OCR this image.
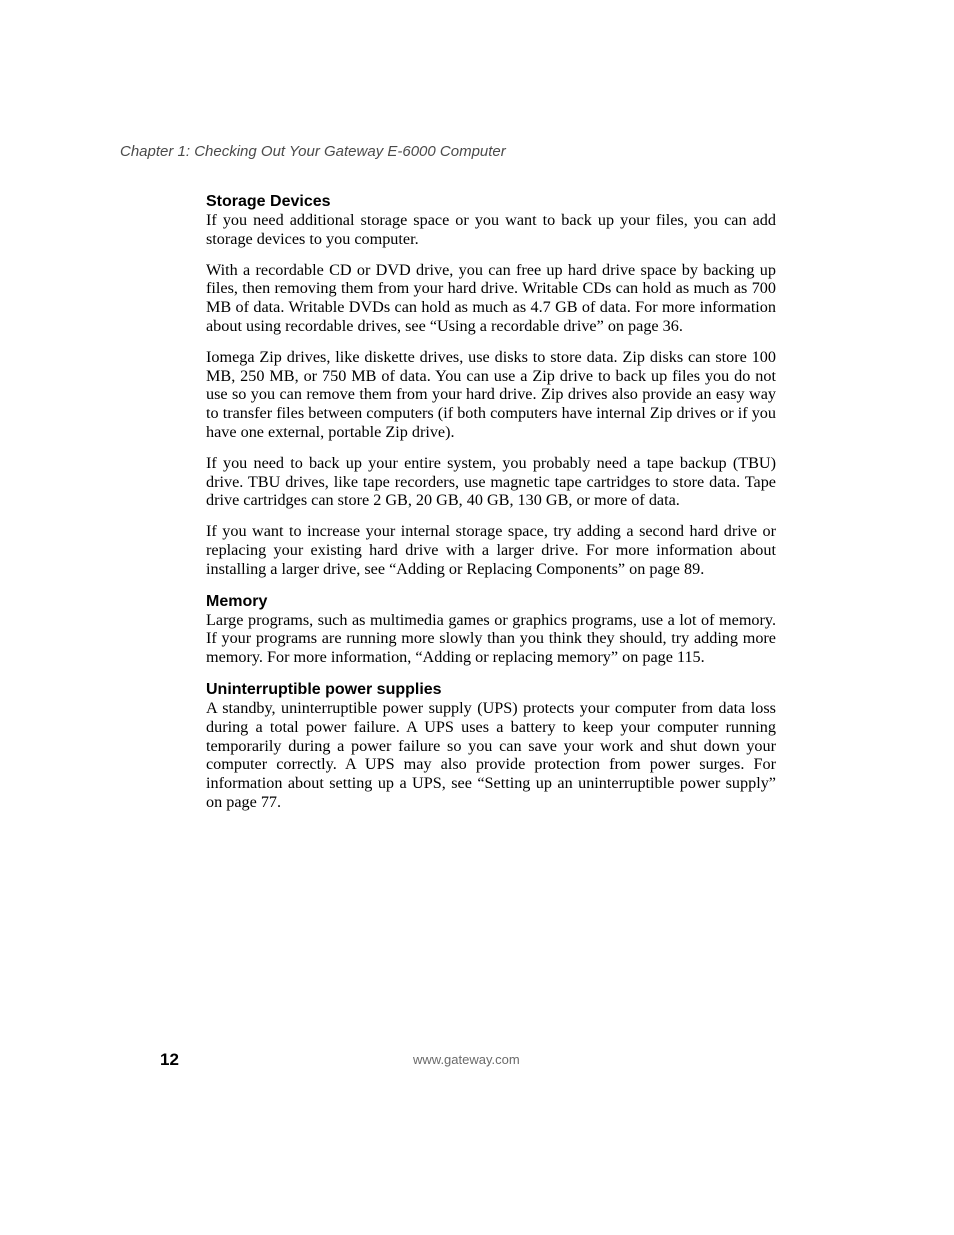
Chapter 1: Checking Out Your Gateway E-6000 Computer
Storage Devices

If you need additional storage space or you want to back up your files, you can add storage devices to you computer.

With a recordable CD or DVD drive, you can free up hard drive space by backing up files, then removing them from your hard drive. Writable CDs can hold as much as 700 MB of data. Writable DVDs can hold as much as 4.7 GB of data. For more information about using recordable drives, see “Using a recordable drive” on page 36.

Iomega Zip drives, like diskette drives, use disks to store data. Zip disks can store 100 MB, 250 MB, or 750 MB of data. You can use a Zip drive to back up files you do not use so you can remove them from your hard drive. Zip drives also provide an easy way to transfer files between computers (if both computers have internal Zip drives or if you have one external, portable Zip drive).

If you need to back up your entire system, you probably need a tape backup (TBU) drive. TBU drives, like tape recorders, use magnetic tape cartridges to store data. Tape drive cartridges can store 2 GB, 20 GB, 40 GB, 130 GB, or more of data.

If you want to increase your internal storage space, try adding a second hard drive or replacing your existing hard drive with a larger drive. For more information about installing a larger drive, see “Adding or Replacing Components” on page 89.

Memory

Large programs, such as multimedia games or graphics programs, use a lot of memory. If your programs are running more slowly than you think they should, try adding more memory. For more information, “Adding or replacing memory” on page 115.

Uninterruptible power supplies

A standby, uninterruptible power supply (UPS) protects your computer from data loss during a total power failure. A UPS uses a battery to keep your computer running temporarily during a power failure so you can save your work and shut down your computer correctly. A UPS may also provide protection from power surges. For information about setting up a UPS, see “Setting up an uninterruptible power supply” on page 77.

12	www.gateway.com
